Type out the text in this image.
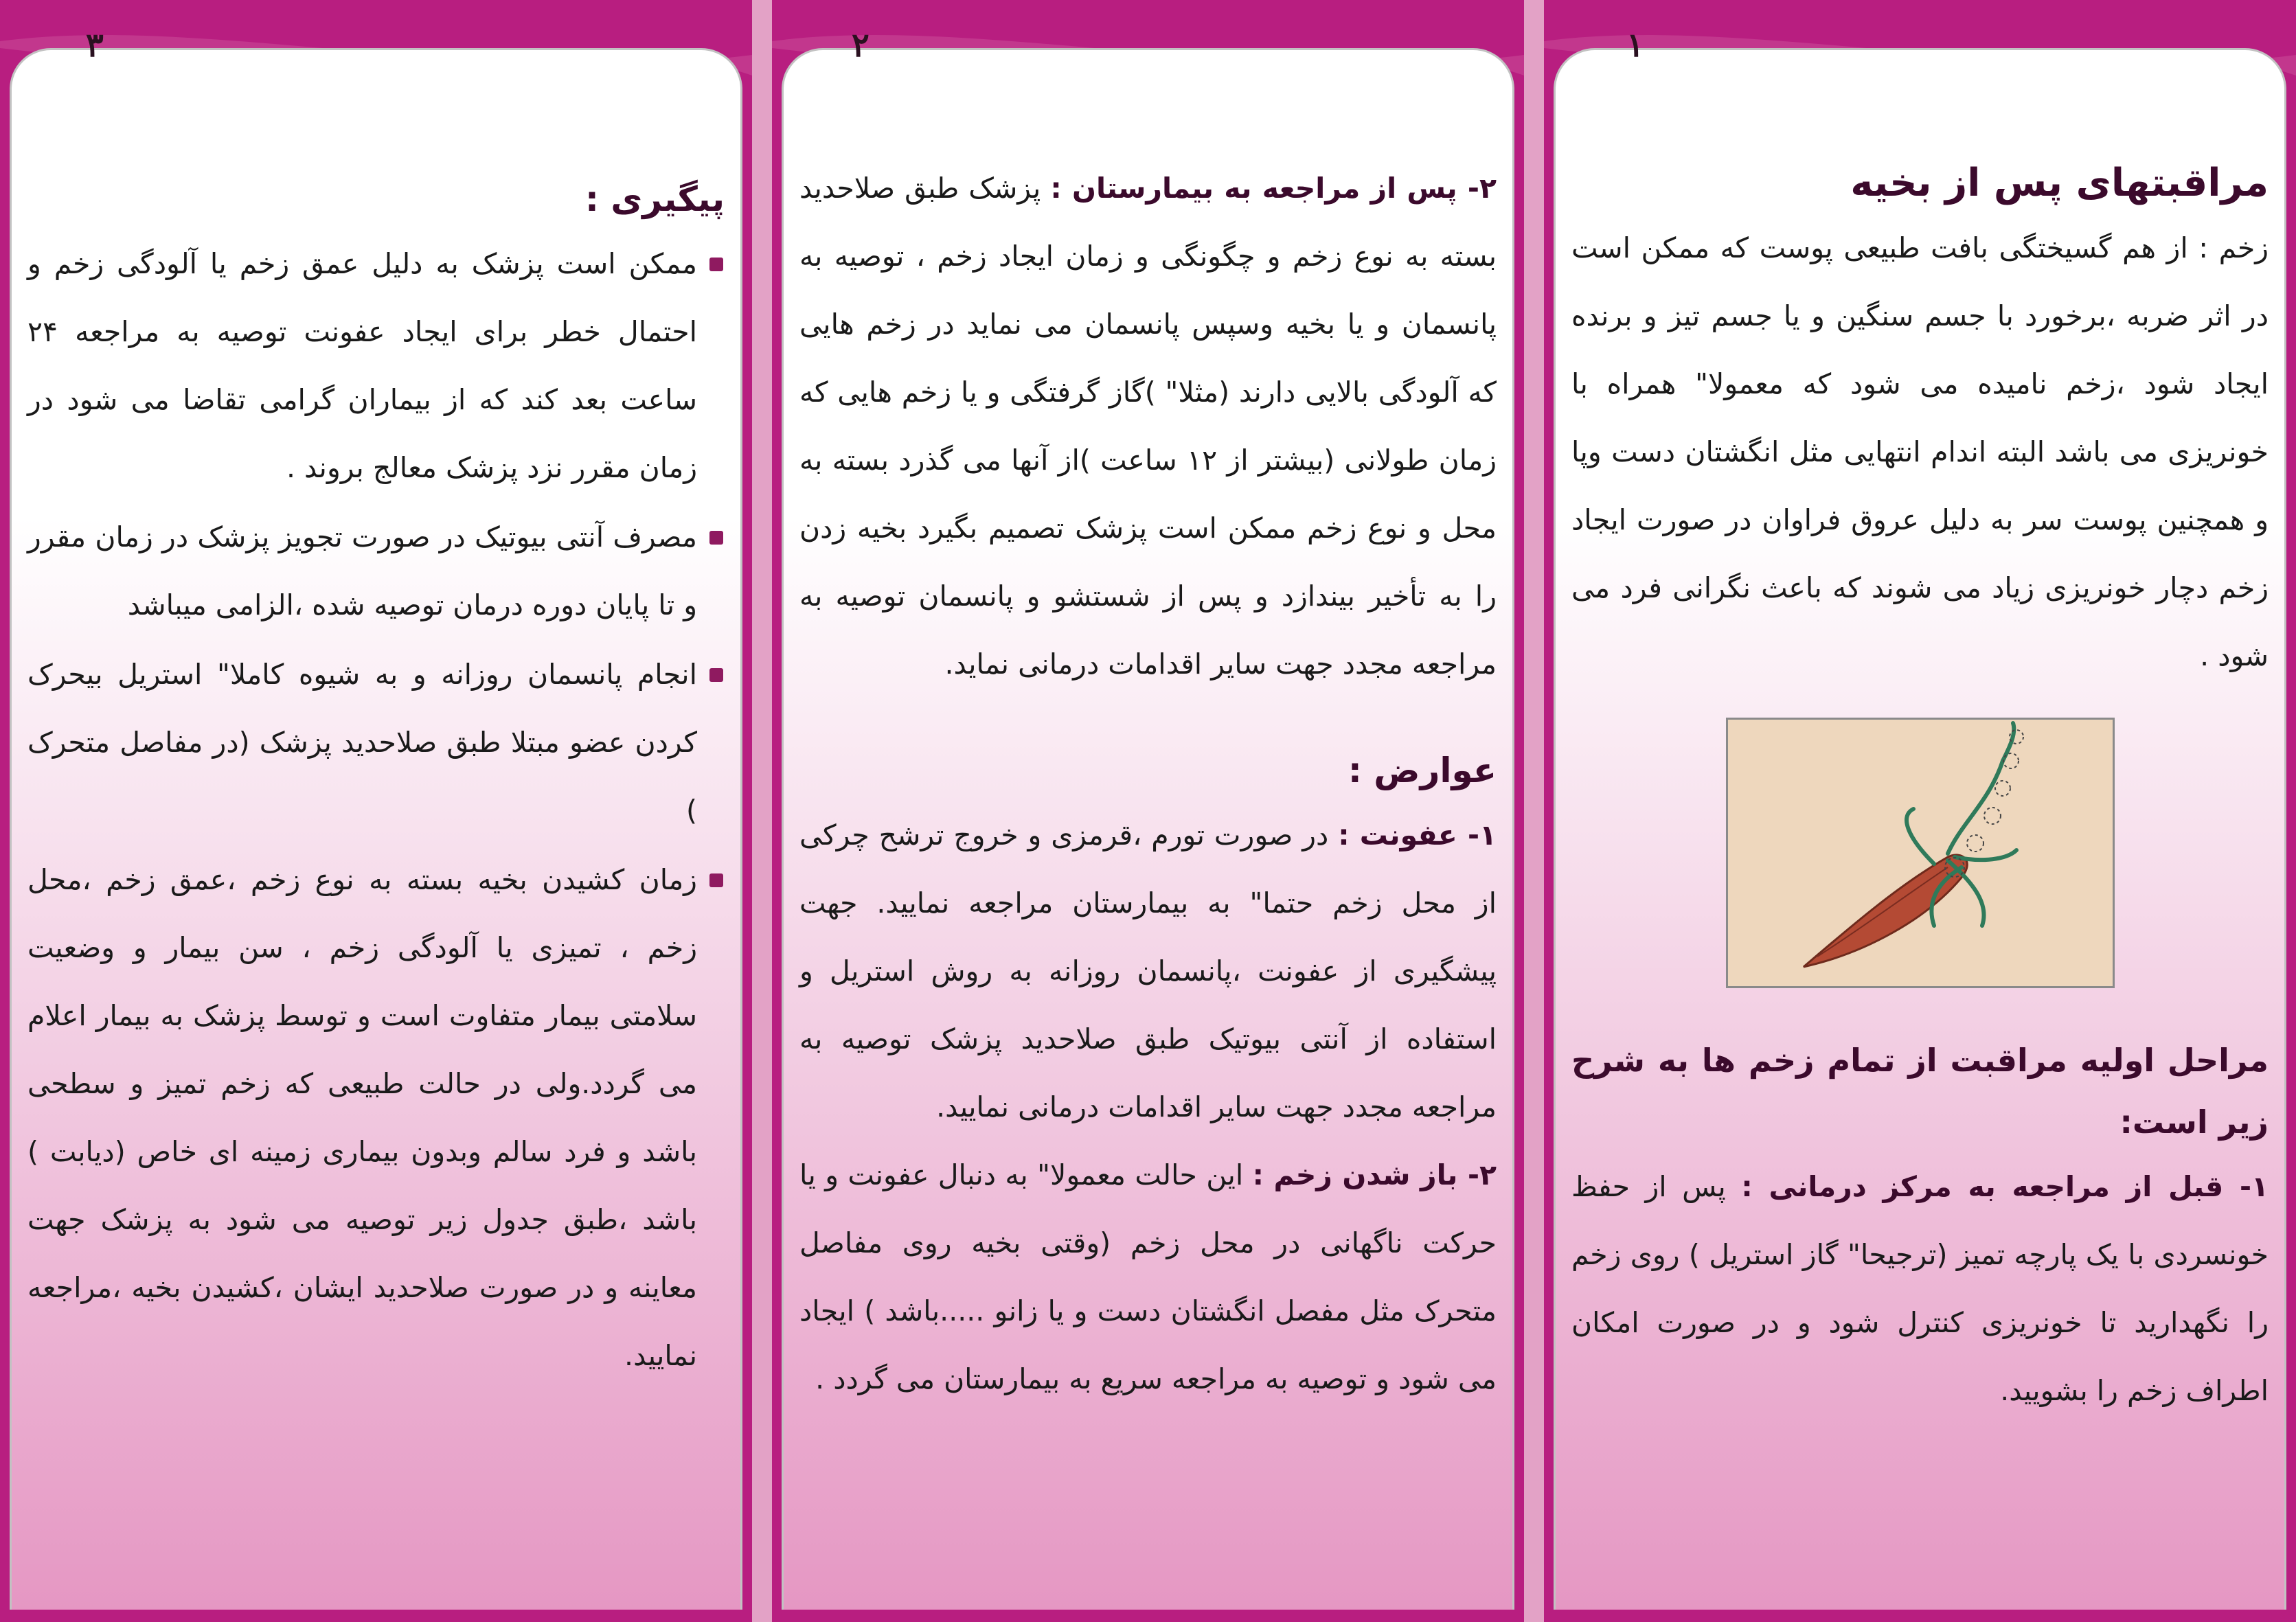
۳
پیگیری :
ممکن است پزشک به دلیل عمق زخم یا آلودگی زخم و احتمال خطر برای ایجاد عفونت توصیه به مراجعه ۲۴ ساعت بعد کند که از بیماران گرامی تقاضا می شود در زمان مقرر نزد پزشک معالج بروند .
مصرف آنتی بیوتیک در صورت تجویز پزشک در زمان مقرر و تا پایان دوره درمان توصیه شده ،الزامی میباشد
انجام پانسمان روزانه و به شیوه کاملا" استریل بیحرک کردن عضو مبتلا طبق صلاحدید پزشک (در مفاصل متحرک )
زمان کشیدن بخیه بسته به نوع زخم ،عمق زخم ،محل زخم ، تمیزی یا آلودگی زخم ، سن بیمار و وضعیت سلامتی بیمار متفاوت است و توسط پزشک به بیمار اعلام می گردد.ولی در حالت طبیعی که زخم تمیز و سطحی باشد و فرد سالم وبدون بیماری زمینه ای خاص (دیابت ) باشد ،طبق جدول زیر توصیه می شود به پزشک جهت معاینه و در صورت صلاحدید ایشان ،کشیدن بخیه ،مراجعه نمایید.
۲

۲- پس از مراجعه به بیمارستان : پزشک طبق صلاحدید بسته به نوع زخم و چگونگی و زمان ایجاد زخم ، توصیه به پانسمان و یا بخیه وسپس پانسمان می نماید در زخم هایی که آلودگی بالایی دارند (مثلا" )گاز گرفتگی و یا زخم هایی که زمان طولانی (بیشتر از ۱۲ ساعت )از آنها می گذرد بسته به محل و نوع زخم ممکن است پزشک تصمیم بگیرد بخیه زدن را به تأخیر بیندازد و پس از شستشو و پانسمان توصیه به مراجعه مجدد جهت سایر اقدامات درمانی نماید.

عوارض :

۱- عفونت : در صورت تورم ،قرمزی و خروج ترشح چرکی از محل زخم حتما" به بیمارستان مراجعه نمایید. جهت پیشگیری از عفونت ،پانسمان روزانه به روش استریل و استفاده از آنتی بیوتیک طبق صلاحدید پزشک توصیه به مراجعه مجدد جهت سایر اقدامات درمانی نمایید.

۲- باز شدن زخم : این حالت معمولا" به دنبال عفونت و یا حرکت ناگهانی در محل زخم (وقتی بخیه روی مفاصل متحرک مثل مفصل انگشتان دست و یا زانو .....باشد ) ایجاد می شود و توصیه به مراجعه سریع به بیمارستان می گردد .

۱
مراقبتهای پس از بخیه

زخم : از هم گسیختگی بافت طبیعی پوست که ممکن است در اثر ضربه ،برخورد با جسم سنگین و یا جسم تیز و برنده ایجاد شود ،زخم نامیده می شود که معمولا" همراه با خونریزی می باشد البته اندام انتهایی مثل انگشتان دست وپا و همچنین پوست سر به دلیل عروق فراوان در صورت ایجاد زخم دچار خونریزی زیاد می شوند که باعث نگرانی فرد می شود .

مراحل اولیه مراقبت از تمام زخم ها به شرح زیر است:

۱- قبل از مراجعه به مرکز درمانی : پس از حفظ خونسردی با یک پارچه تمیز (ترجیحا" گاز استریل ) روی زخم را نگهدارید تا خونریزی کنترل شود و در صورت امکان اطراف زخم را بشویید.
